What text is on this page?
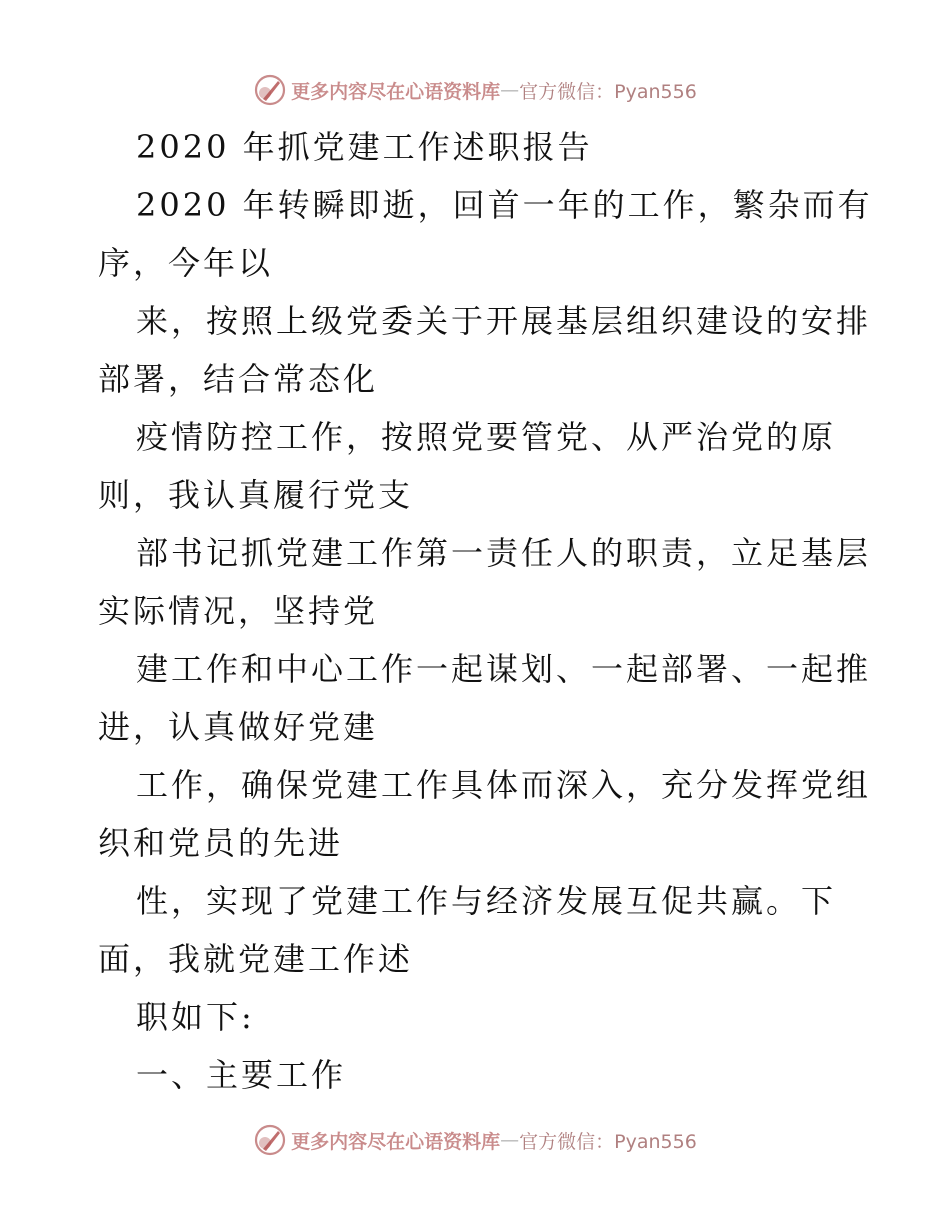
更多内容尽在心语资料库 — 官方微信：Pyan556

2020 年抓党建工作述职报告

2020 年转瞬即逝，回首一年的工作，繁杂而有

序，今年以

来，按照上级党委关于开展基层组织建设的安排

部署，结合常态化

疫情防控工作，按照党要管党、从严治党的原

则，我认真履行党支

部书记抓党建工作第一责任人的职责，立足基层

实际情况，坚持党

建工作和中心工作一起谋划、一起部署、一起推

进，认真做好党建

工作，确保党建工作具体而深入，充分发挥党组

织和党员的先进

性，实现了党建工作与经济发展互促共赢。下

面，我就党建工作述

职如下:

一、主要工作

更多内容尽在心语资料库 — 官方微信：Pyan556
